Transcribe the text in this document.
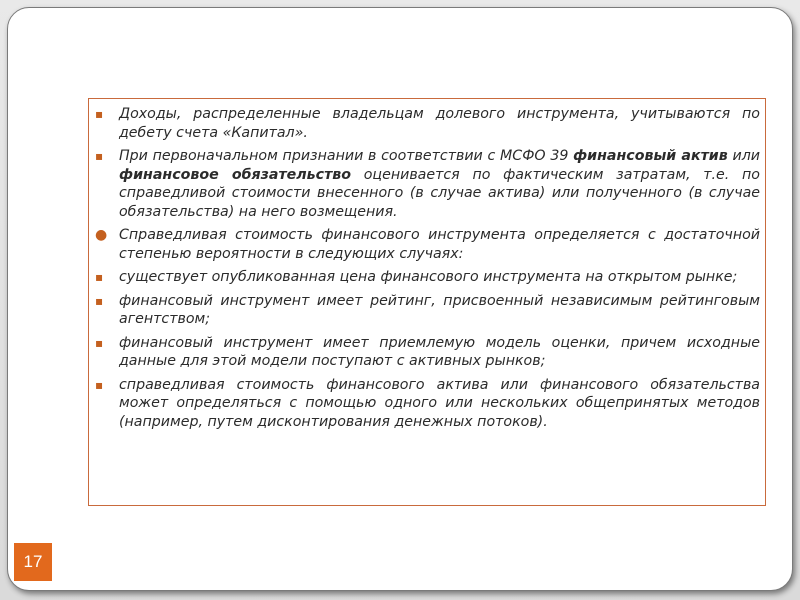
▪	Доходы, распределенные владельцам долевого инструмента, учитываются по дебету счета «Капитал».
▪	При первоначальном признании в соответствии с МСФО 39 финансовый актив или финансовое обязательство оценивается по фактическим затратам, т.е. по справедливой стоимости внесенного (в случае актива) или полученного (в случае обязательства) на него возмещения.
● Справедливая стоимость финансового инструмента определяется с достаточной степенью вероятности в следующих случаях:
▪	существует опубликованная цена финансового инструмента на открытом рынке;
▪	финансовый инструмент имеет рейтинг, присвоенный независимым рейтинговым агентством;
▪	финансовый инструмент имеет приемлемую модель оценки, причем исходные данные для этой модели поступают с активных рынков;
▪	справедливая стоимость финансового актива или финансового обязательства может определяться с помощью одного или нескольких общепринятых методов (например, путем дисконтирования денежных потоков).
17
